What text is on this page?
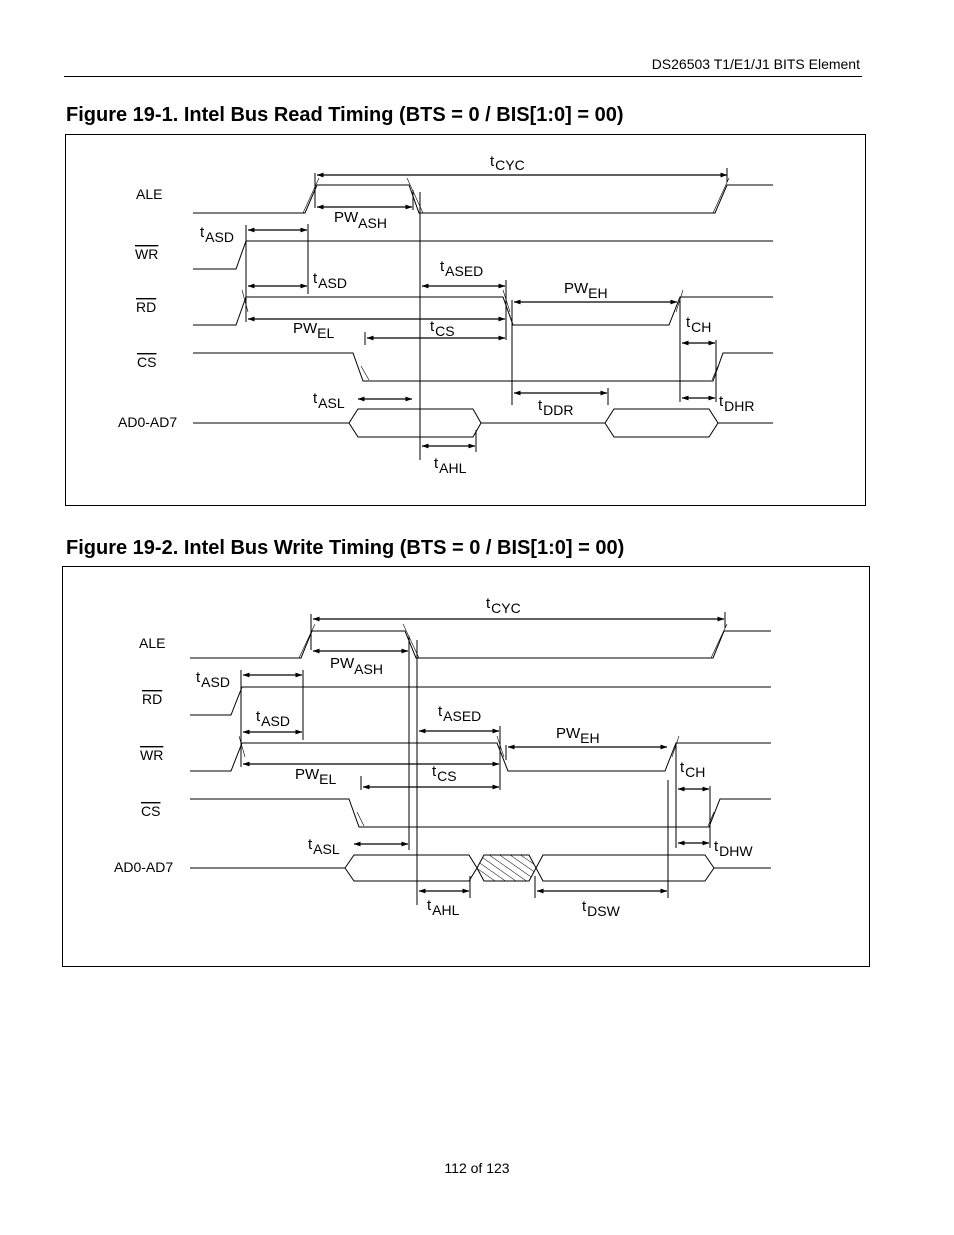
DS26503 T1/E1/J1 BITS Element
Figure 19-1. Intel Bus Read Timing (BTS = 0 / BIS[1:0] = 00)
Figure 19-2. Intel Bus Write Timing (BTS = 0 / BIS[1:0] = 00)
ALE
WR
RD
CS
AD0-AD7
tCYC
PWASH
tASD
tASD
tASED
PWEH
PWEL	tCS	tCH
tASL	tDDR	tDHR
tAHL
ALE
RD
WR
CS
AD0-AD7
tCYC
PWASH
tASD
tASD
tASED
PWEH
PWEL	tCS	tCH
tASL	tDHW
tAHL	tDSW
112 of 123
